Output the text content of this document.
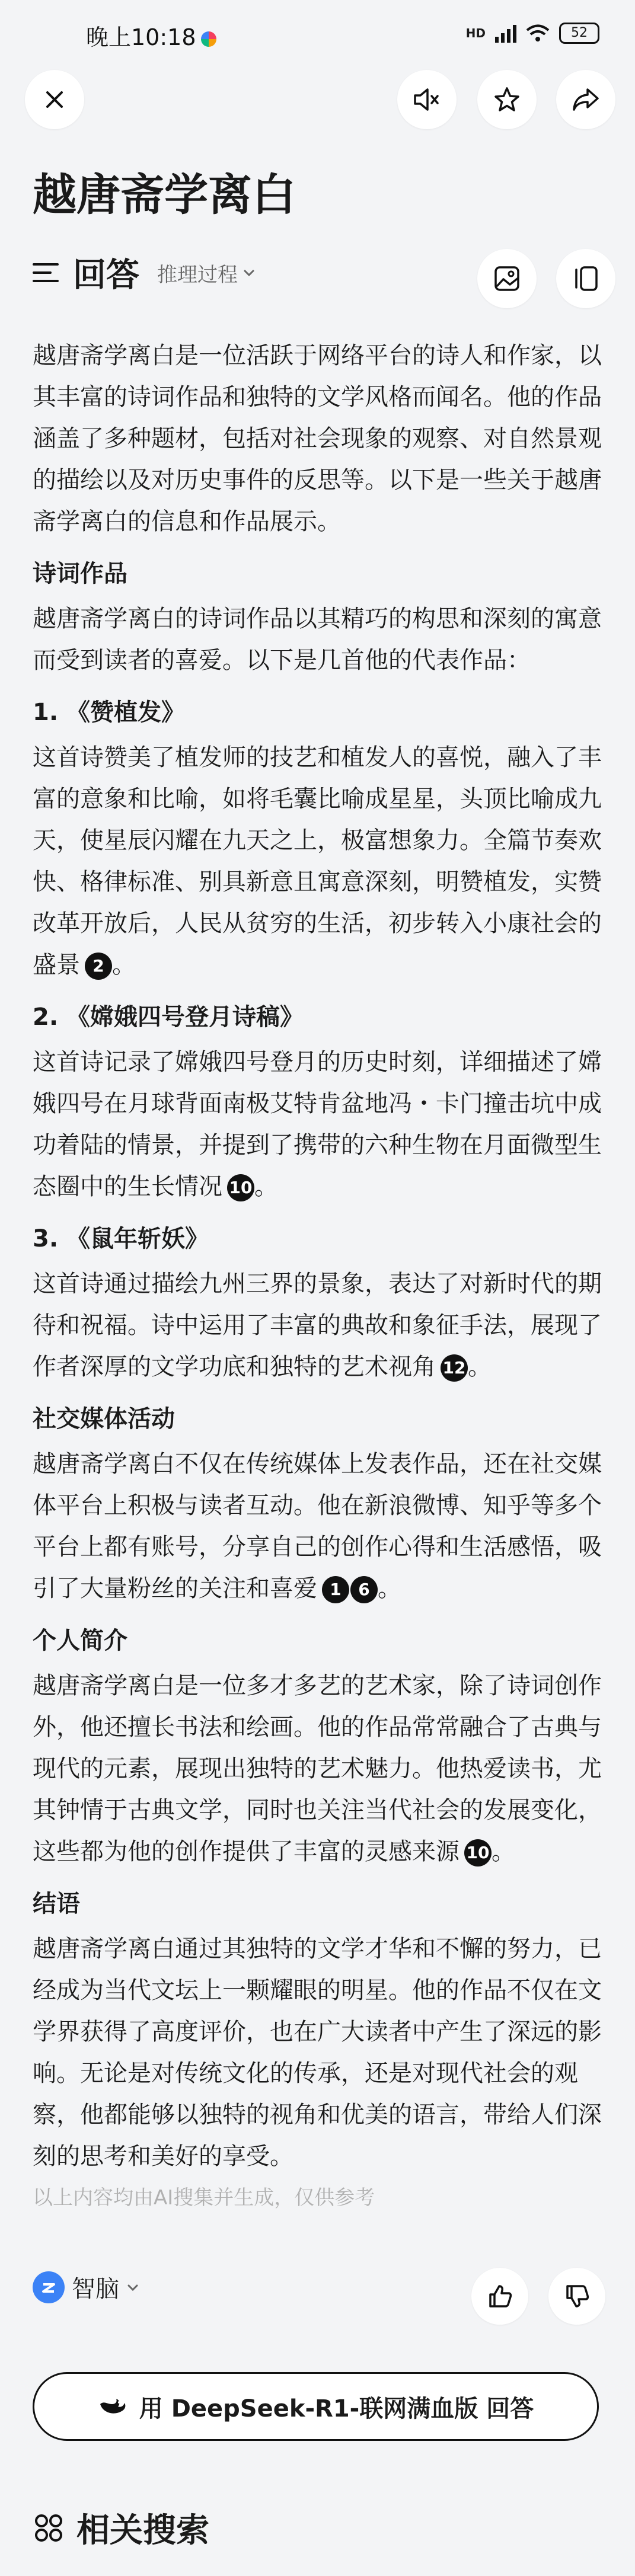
晚上10:18	HD	52
越唐斋学离白
回答 推理过程

越唐斋学离白是一位活跃于网络平台的诗人和作家，以其丰富的诗词作品和独特的文学风格而闻名。他的作品涵盖了多种题材，包括对社会现象的观察、对自然景观的描绘以及对历史事件的反思等。以下是一些关于越唐斋学离白的信息和作品展示。

诗词作品

越唐斋学离白的诗词作品以其精巧的构思和深刻的寓意而受到读者的喜爱。以下是几首他的代表作品：

1. 《赞植发》

这首诗赞美了植发师的技艺和植发人的喜悦，融入了丰富的意象和比喻，如将毛囊比喻成星星，头顶比喻成九天，使星辰闪耀在九天之上，极富想象力。全篇节奏欢快、格律标准、别具新意且寓意深刻，明赞植发，实赞改革开放后，人民从贫穷的生活，初步转入小康社会的盛景 2 。

2. 《嫦娥四号登月诗稿》

这首诗记录了嫦娥四号登月的历史时刻，详细描述了嫦娥四号在月球背面南极艾特肯盆地冯・卡门撞击坑中成功着陆的情景，并提到了携带的六种生物在月面微型生态圈中的生长情况 10。

3. 《鼠年斩妖》

这首诗通过描绘九州三界的景象，表达了对新时代的期待和祝福。诗中运用了丰富的典故和象征手法，展现了作者深厚的文学功底和独特的艺术视角 12。

社交媒体活动

越唐斋学离白不仅在传统媒体上发表作品，还在社交媒体平台上积极与读者互动。他在新浪微博、知乎等多个平台上都有账号，分享自己的创作心得和生活感悟，吸引了大量粉丝的关注和喜爱 1	6 。

个人简介

越唐斋学离白是一位多才多艺的艺术家，除了诗词创作外，他还擅长书法和绘画。他的作品常常融合了古典与现代的元素，展现出独特的艺术魅力。他热爱读书，尤其钟情于古典文学，同时也关注当代社会的发展变化，这些都为他的创作提供了丰富的灵感来源 10。

结语

越唐斋学离白通过其独特的文学才华和不懈的努力，已经成为当代文坛上一颗耀眼的明星。他的作品不仅在文学界获得了高度评价，也在广大读者中产生了深远的影响。无论是对传统文化的传承，还是对现代社会的观察，他都能够以独特的视角和优美的语言，带给人们深刻的思考和美好的享受。

以上内容均由AI搜集并生成，仅供参考

智脑
用 DeepSeek-R1-联网满血版 回答
相关搜索
